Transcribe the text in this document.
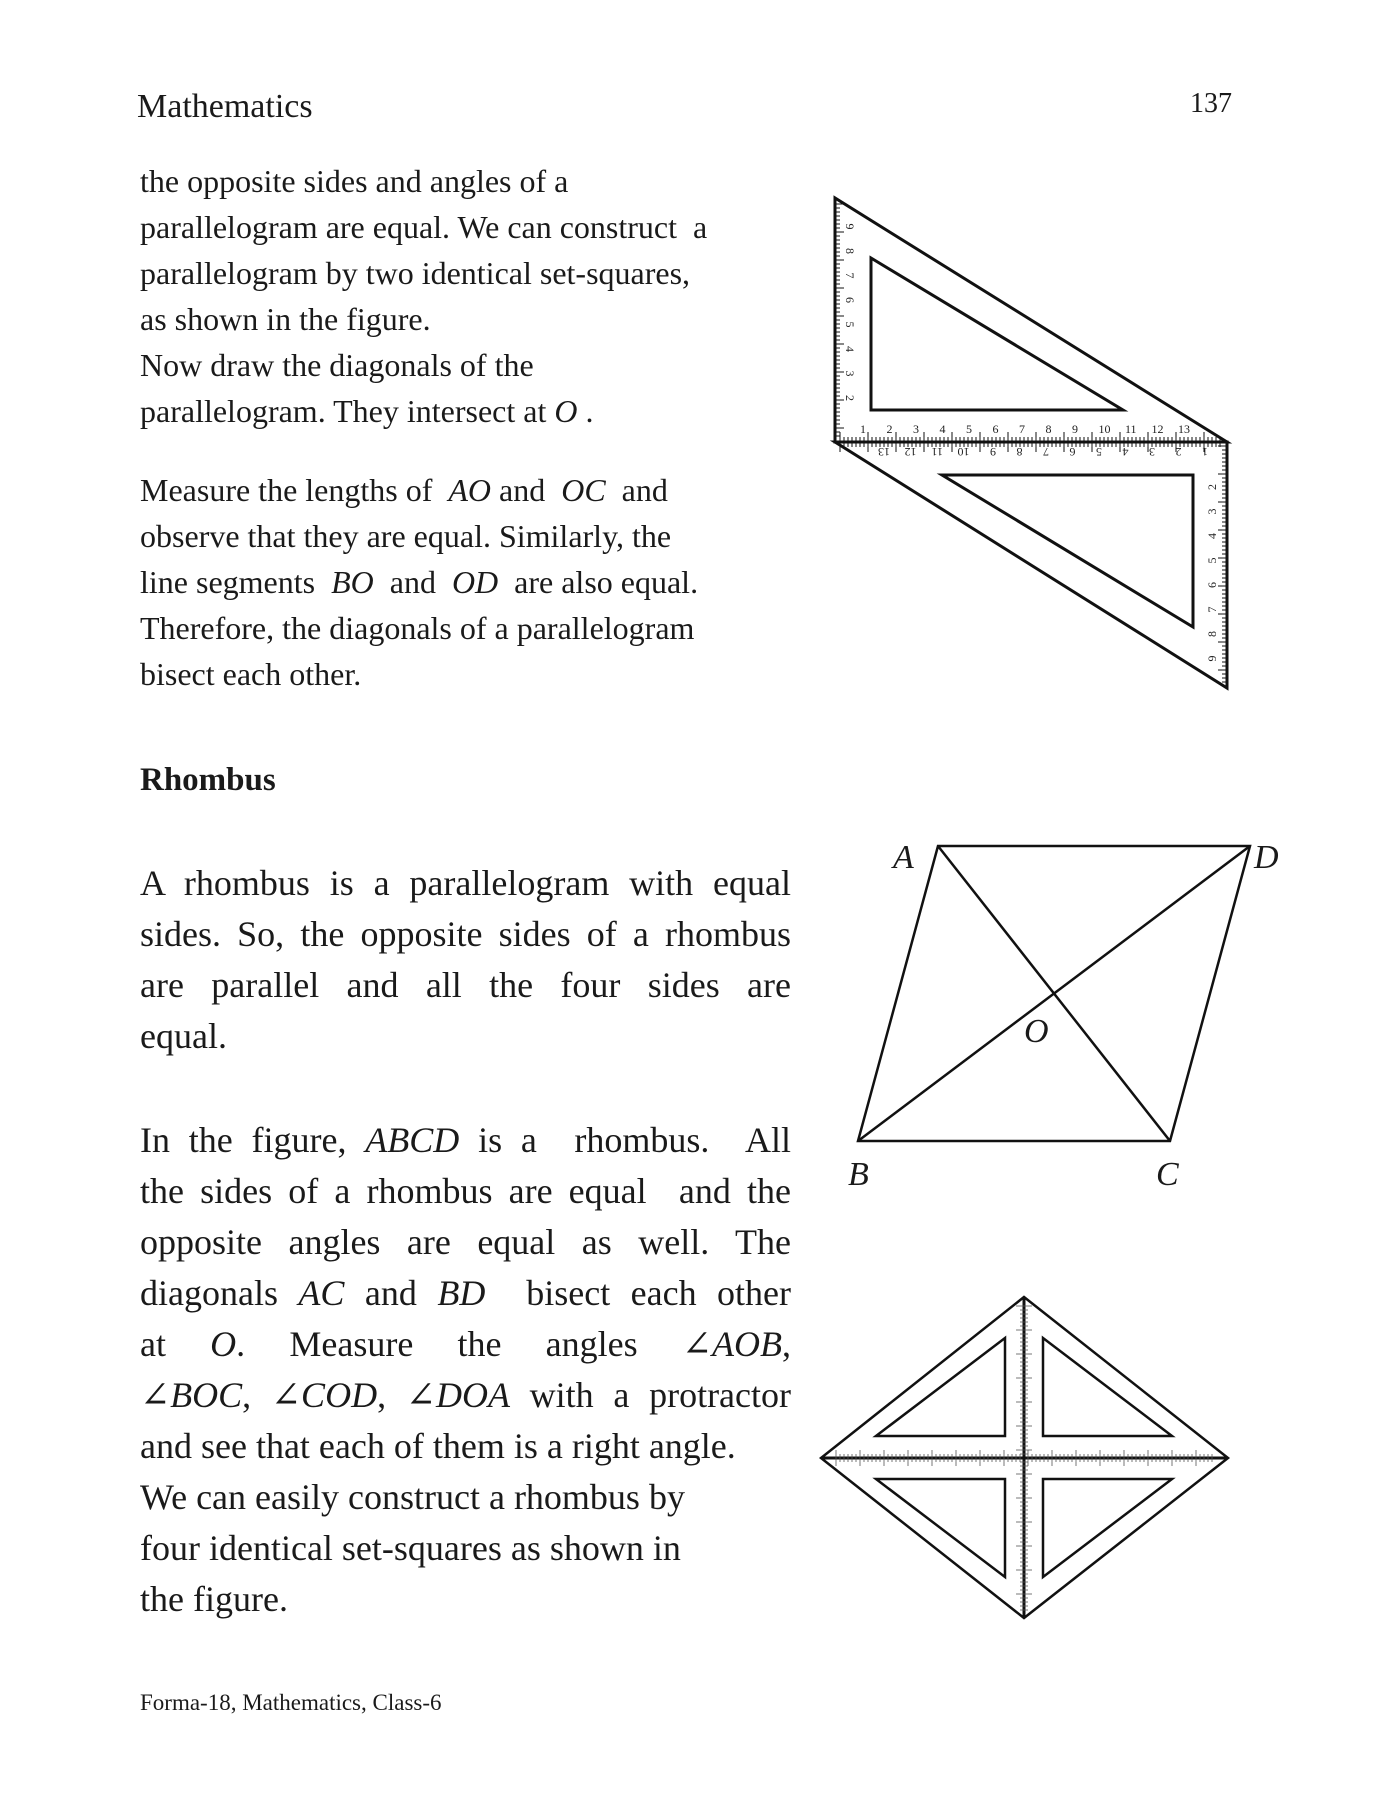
Mathematics	137
the opposite sides and angles of a
parallelogram are equal. We can construct  a
parallelogram by two identical set-squares,
as shown in the figure.
Now draw the diagonals of the
parallelogram. They intersect at O .
Measure the lengths of  AO and  OC  and
observe that they are equal. Similarly, the
line segments  BO  and  OD  are also equal.
Therefore, the diagonals of a parallelogram
bisect each other.
Rhombus
A rhombus is a parallelogram with equal
sides. So, the opposite sides of a rhombus
are  parallel  and  all  the  four  sides  are
equal.
In the figure, ABCD is a  rhombus.  All
the sides of a rhombus are equal  and the
opposite  angles  are  equal  as  well.  The
diagonals AC and BD  bisect each other
at  O.  Measure  the  angles  ∠AOB,
∠BOC, ∠COD, ∠DOA with a protractor
and see that each of them is a right angle.
We can easily construct a rhombus by
four identical set-squares as shown in
the figure.
1 2 3 4 5 6 7 8 9 10 11 12 13
1
2
3
4
5
6
7
8
9
10
11
12
13
2
3
4
5
6
7
8
9
2
3
4
5
6
7
8
9
A	D
B	C
O
Forma-18, Mathematics, Class-6
